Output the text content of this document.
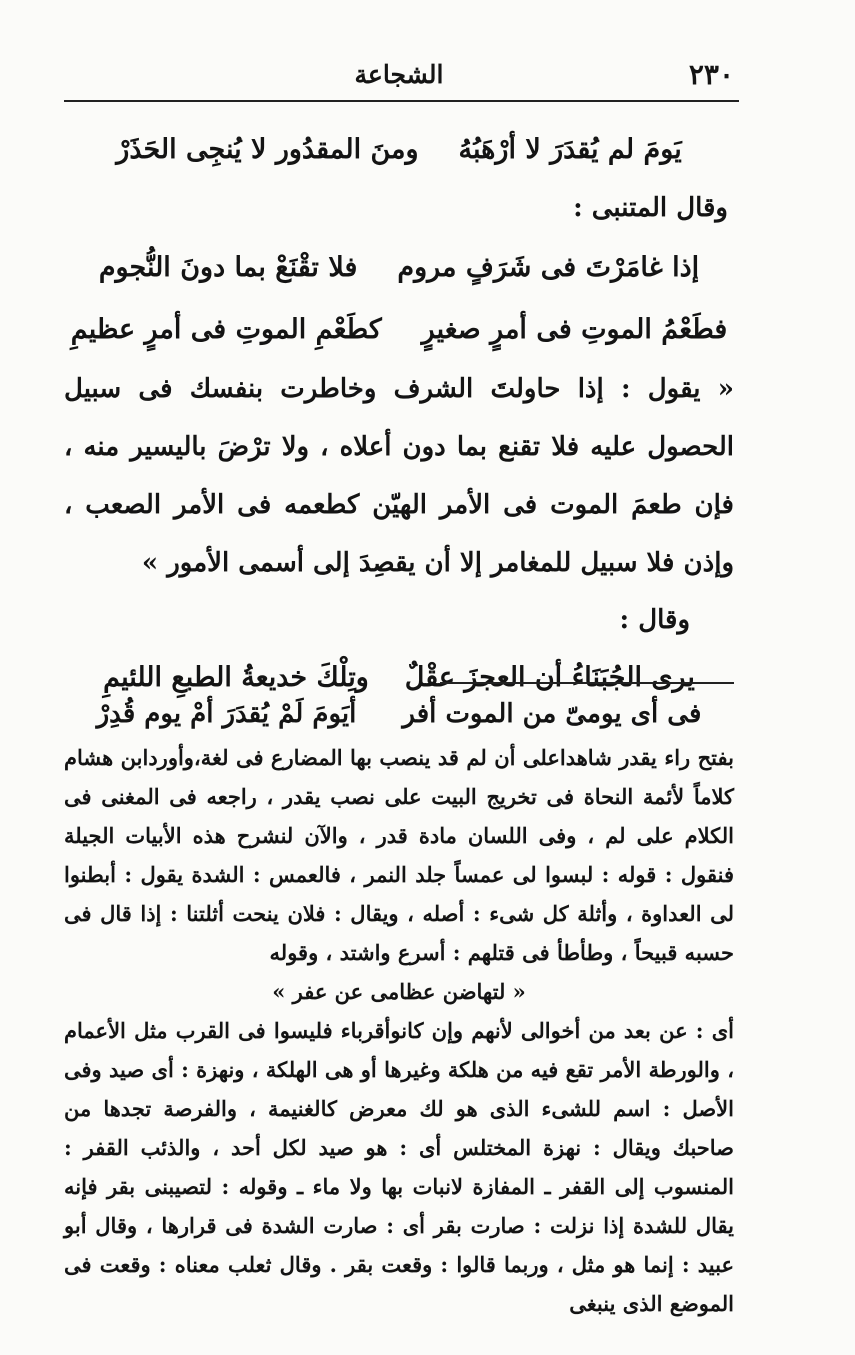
٢٣٠
الشجاعة
يَومَ لم يُقدَرَ لا أرْهَبُهُ
ومنَ المقدُور لا يُنجِى الحَذَرْ
وقال المتنبى :
إذا غامَرْتَ فى شَرَفٍ مروم
فلا تقْنَعْ بما دونَ النُّجوم
فطَعْمُ الموتِ فى أمرٍ صغيرٍ
كطَعْمِ الموتِ فى أمرٍ عظيمِ

« يقول : إذا حاولتَ الشرف وخاطرت بنفسك فى سبيل الحصول عليه فلا تقنع بما دون أعلاه ، ولا ترْضَ باليسير منه ، فإن طعمَ الموت فى الأمر الهيّن كطعمه فى الأمر الصعب ، وإذن فلا سبيل للمغامر إلا أن يقصِدَ إلى أسمى الأمور »

وقال :
يرى الجُبَنَاءُ أن العجزَ عقْلٌ
وتِلْكَ خديعةُ الطبعِ اللئيمِ
فى أى يومىّ من الموت أفر
أيَومَ لَمْ يُقدَرَ أمْ يوم قُدِرْ

بفتح راء يقدر شاهداعلى أن لم قد ينصب بها المضارع فى لغة،وأوردابن هشام كلاماً لأئمة النحاة فى تخريج البيت على نصب يقدر ، راجعه فى المغنى فى الكلام على لم ، وفى اللسان مادة قدر ، والآن لنشرح هذه الأبيات الجيلة فنقول : قوله : لبسوا لى عمساً جلد النمر ، فالعمس : الشدة يقول : أبطنوا لى العداوة ، وأثلة كل شىء : أصله ، ويقال : فلان ينحت أثلتنا : إذا قال فى حسبه قبيحاً ، وطأطأ فى قتلهم : أسرع واشتد ، وقوله

« لتهاضن عظامى عن عفر »

أى : عن بعد من أخوالى لأنهم وإن كانوأقرباء فليسوا فى القرب مثل الأعمام ، والورطة الأمر تقع فيه من هلكة وغيرها أو هى الهلكة ، ونهزة : أى صيد وفى الأصل : اسم للشىء الذى هو لك معرض كالغنيمة ، والفرصة تجدها من صاحبك ويقال : نهزة المختلس أى : هو صيد لكل أحد ، والذئب القفر : المنسوب إلى القفر ـ المفازة لانبات بها ولا ماء ـ وقوله : لتصيبنى بقر فإنه يقال للشدة إذا نزلت : صارت بقر أى : صارت الشدة فى قرارها ، وقال أبو عبيد : إنما هو مثل ، وربما قالوا : وقعت بقر . وقال ثعلب معناه : وقعت فى الموضع الذى ينبغى
